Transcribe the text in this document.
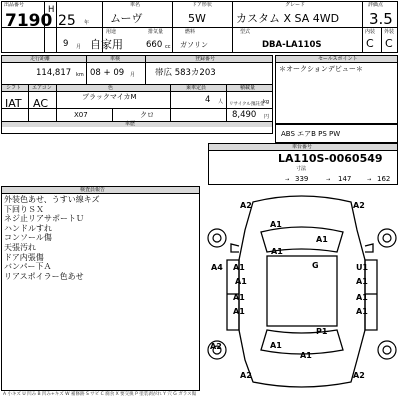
出品番号
7190
H
25 年
車名
ムーヴ
ドア形状
5W
グレード
カスタム X SA 4WD
評価点
3.5
9 月
用途
自家用
排気量
660 cc
燃料
ガソリン
型式
DBA-LA110S
内装
C
外装
C
走行距離
114,817 km
車検
08 + 09 月
登録番号
帯広 583カ203
シフト
IAT
エアコン
AC
色
ブラックマイカM
乗車定員
4 人
積載量
kg
X07	クロ
リサイクル預託金
8,490 円
車歴
セールスポイント
＊オークションデビュー＊
ABS エアB PS PW
車台番号
LA110S-0060549
寸法
339	147	162
→	→	→
検査員報告
外装色あせ、うすい線キズ
下回りＳＸ
ネジ止リアサポートＵ
ハンドルすれ
コンソール傷
天張汚れ
ドア内張傷
バンパー下Ａ
リアスポイラー色あせ
A2	A2
A1
A1
A1
G
A1
A4
A1
U1
A1
A1	A1
A1
P1
A1
A1
A1
A2
A2	A2
A 小キズ U 凹み B 凹み+キズ W 補修跡 S サビ C 腐食 X 要交換 P 塗装剥がれ Y 穴 G ガラス傷
